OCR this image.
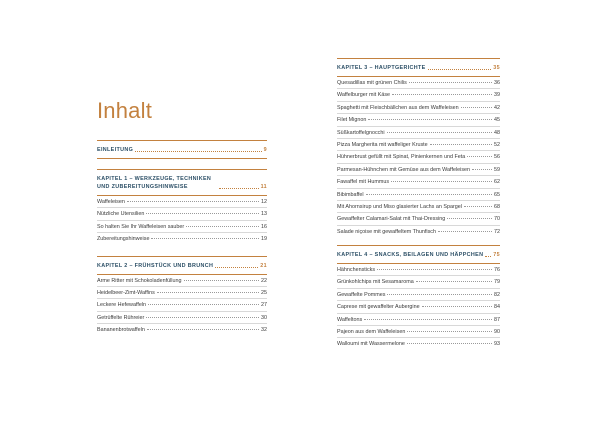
Inhalt
EINLEITUNG	9
KAPITEL 1 – WERKZEUGE, TECHNIKEN UND ZUBEREITUNGSHINWEISE	11
Waffeleisen	12
Nützliche Utensilien	13
So halten Sie Ihr Waffeleisen sauber	16
Zubereitungshinweise	19
KAPITEL 2 – FRÜHSTÜCK UND BRUNCH	21
Arme Ritter mit Schokoladenfüllung	22
Heidelbeer-Zimt-Waffins	25
Leckere Hefewaffeln	27
Getrüffelte Rühreier	30
Bananenbrotwaffeln	32
KAPITEL 3 – HAUPTGERICHTE	35
Quesadillas mit grünen Chilis	36
Waffelburger mit Käse	39
Spaghetti mit Fleischbällchen aus dem Waffeleisen	42
Filet Mignon	45
Süßkartoffelgnocchi	48
Pizza Margherita mit waffeliger Kruste	52
Hühnerbrust gefüllt mit Spinat, Pinienkernen und Feta	56
Parmesan-Hühnchen mit Gemüse aus dem Waffeleisen	59
Fawaffel mit Hummus	62
Bibimbaffel	65
Mit Ahornsirup und Miso glasierter Lachs an Spargel	68
Gewaffelter Calamari-Salat mit Thai-Dressing	70
Salade niçoise mit gewaffeltem Thunfisch	72
KAPITEL 4 – SNACKS, BEILAGEN UND HÄPPCHEN 75
Hähnchensticks	76
Grünkohlchips mit Sesamaroma	79
Gewaffelte Pommes	82
Caprese mit gewaffelter Aubergine	84
Waffeltons	87
Pajeon aus dem Waffeleisen	90
Walloumi mit Wassermelone	93
